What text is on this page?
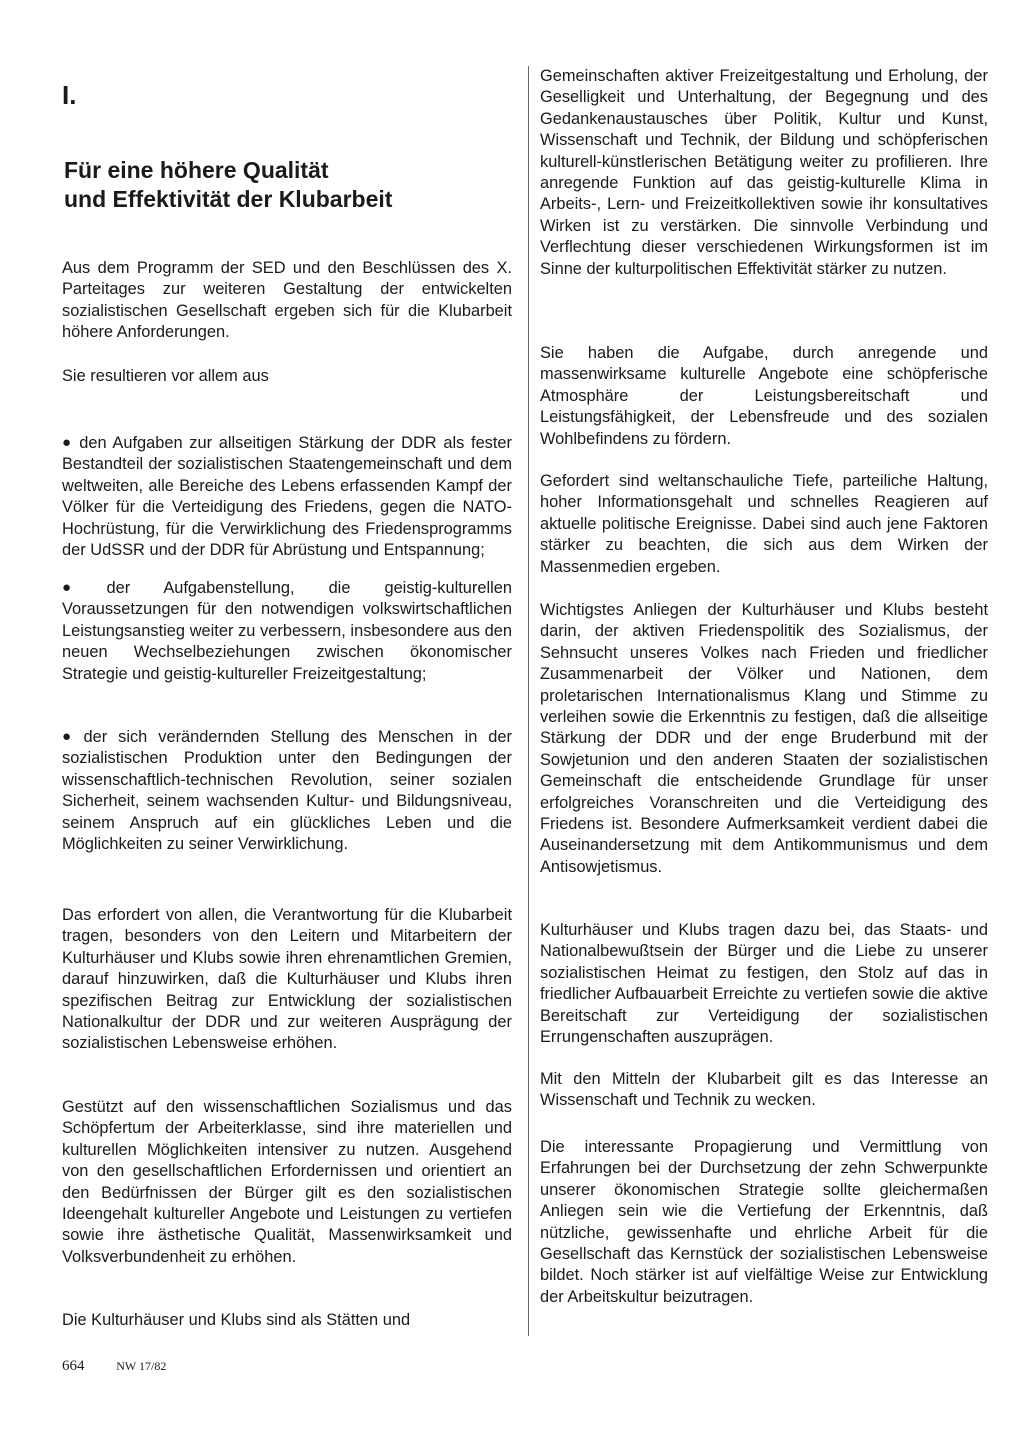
I.
Für eine höhere Qualität
und Effektivität der Klubarbeit

Aus dem Programm der SED und den Beschlüssen des X. Parteitages zur weiteren Gestaltung der entwickelten sozialistischen Gesellschaft ergeben sich für die Klubarbeit höhere Anforderungen.

Sie resultieren vor allem aus

● den Aufgaben zur allseitigen Stärkung der DDR als fester Bestandteil der sozialistischen Staatengemeinschaft und dem weltweiten, alle Bereiche des Lebens erfassenden Kampf der Völker für die Verteidigung des Friedens, gegen die NATO-Hochrüstung, für die Verwirklichung des Friedensprogramms der UdSSR und der DDR für Abrüstung und Entspannung;

● der Aufgabenstellung, die geistig-kulturellen Voraussetzungen für den notwendigen volkswirtschaftlichen Leistungsanstieg weiter zu verbessern, insbesondere aus den neuen Wechselbeziehungen zwischen ökonomischer Strategie und geistig-kultureller Freizeitgestaltung;

● der sich verändernden Stellung des Menschen in der sozialistischen Produktion unter den Bedingungen der wissenschaftlich-technischen Revolution, seiner sozialen Sicherheit, seinem wachsenden Kultur- und Bildungsniveau, seinem Anspruch auf ein glückliches Leben und die Möglichkeiten zu seiner Verwirklichung.

Das erfordert von allen, die Verantwortung für die Klubarbeit tragen, besonders von den Leitern und Mitarbeitern der Kulturhäuser und Klubs sowie ihren ehrenamtlichen Gremien, darauf hinzuwirken, daß die Kulturhäuser und Klubs ihren spezifischen Beitrag zur Entwicklung der sozialistischen Nationalkultur der DDR und zur weiteren Ausprägung der sozialistischen Lebensweise erhöhen.

Gestützt auf den wissenschaftlichen Sozialismus und das Schöpfertum der Arbeiterklasse, sind ihre materiellen und kulturellen Möglichkeiten intensiver zu nutzen. Ausgehend von den gesellschaftlichen Erfordernissen und orientiert an den Bedürfnissen der Bürger gilt es den sozialistischen Ideengehalt kultureller Angebote und Leistungen zu vertiefen sowie ihre ästhetische Qualität, Massenwirksamkeit und Volksverbundenheit zu erhöhen.

Die Kulturhäuser und Klubs sind als Stätten und

Gemeinschaften aktiver Freizeitgestaltung und Erholung, der Geselligkeit und Unterhaltung, der Begegnung und des Gedankenaustausches über Politik, Kultur und Kunst, Wissenschaft und Technik, der Bildung und schöpferischen kulturell-künstlerischen Betätigung weiter zu profilieren. Ihre anregende Funktion auf das geistig-kulturelle Klima in Arbeits-, Lern- und Freizeitkollektiven sowie ihr konsultatives Wirken ist zu verstärken. Die sinnvolle Verbindung und Verflechtung dieser verschiedenen Wirkungsformen ist im Sinne der kulturpolitischen Effektivität stärker zu nutzen.

Sie haben die Aufgabe, durch anregende und massenwirksame kulturelle Angebote eine schöpferische Atmosphäre der Leistungsbereitschaft und Leistungsfähigkeit, der Lebensfreude und des sozialen Wohlbefindens zu fördern.

Gefordert sind weltanschauliche Tiefe, parteiliche Haltung, hoher Informationsgehalt und schnelles Reagieren auf aktuelle politische Ereignisse. Dabei sind auch jene Faktoren stärker zu beachten, die sich aus dem Wirken der Massenmedien ergeben.

Wichtigstes Anliegen der Kulturhäuser und Klubs besteht darin, der aktiven Friedenspolitik des Sozialismus, der Sehnsucht unseres Volkes nach Frieden und friedlicher Zusammenarbeit der Völker und Nationen, dem proletarischen Internationalismus Klang und Stimme zu verleihen sowie die Erkenntnis zu festigen, daß die allseitige Stärkung der DDR und der enge Bruderbund mit der Sowjetunion und den anderen Staaten der sozialistischen Gemeinschaft die entscheidende Grundlage für unser erfolgreiches Voranschreiten und die Verteidigung des Friedens ist. Besondere Aufmerksamkeit verdient dabei die Auseinandersetzung mit dem Antikommunismus und dem Antisowjetismus.

Kulturhäuser und Klubs tragen dazu bei, das Staats- und Nationalbewußtsein der Bürger und die Liebe zu unserer sozialistischen Heimat zu festigen, den Stolz auf das in friedlicher Aufbauarbeit Erreichte zu vertiefen sowie die aktive Bereitschaft zur Verteidigung der sozialistischen Errungenschaften auszuprägen.

Mit den Mitteln der Klubarbeit gilt es das Interesse an Wissenschaft und Technik zu wecken.

Die interessante Propagierung und Vermittlung von Erfahrungen bei der Durchsetzung der zehn Schwerpunkte unserer ökonomischen Strategie sollte gleichermaßen Anliegen sein wie die Vertiefung der Erkenntnis, daß nützliche, gewissenhafte und ehrliche Arbeit für die Gesellschaft das Kernstück der sozialistischen Lebensweise bildet. Noch stärker ist auf vielfältige Weise zur Entwicklung der Arbeitskultur beizutragen.

664	NW 17/82
